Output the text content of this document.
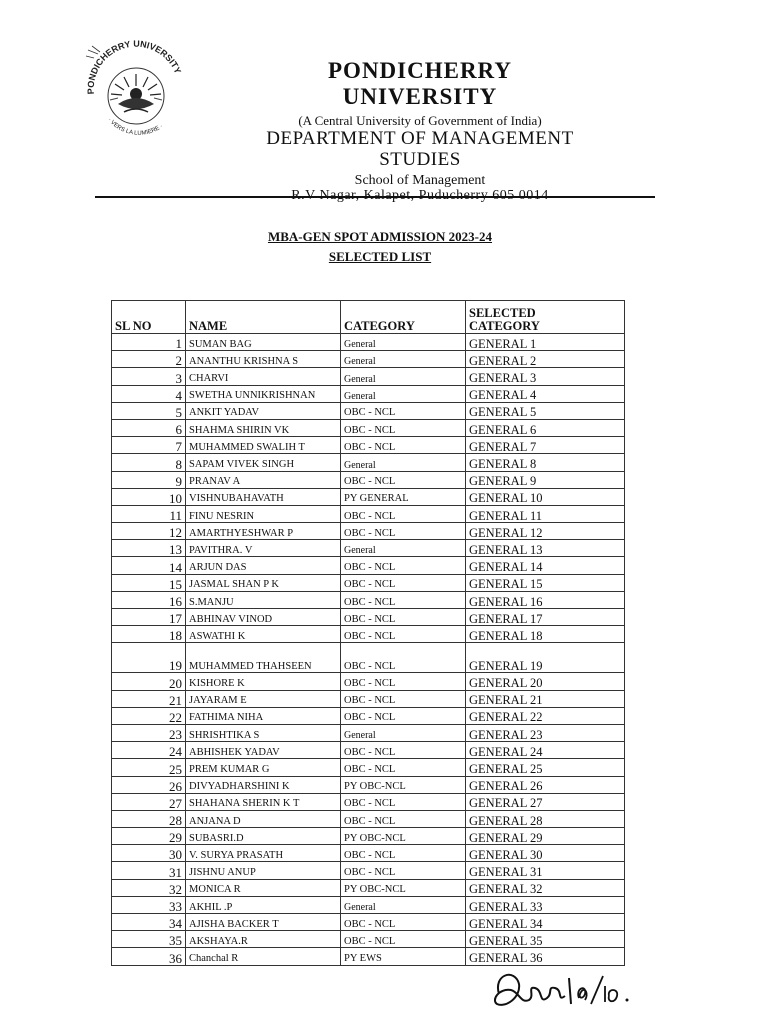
PONDICHERRY UNIVERSITY
· VERS LA LUMIERE ·
PONDICHERRY
UNIVERSITY
(A Central University of Government of India)
DEPARTMENT OF MANAGEMENT
STUDIES
School of Management
R.V Nagar, Kalapet, Puducherry 605 0014
MBA-GEN SPOT ADMISSION 2023-24
SELECTED LIST
SL NO	NAME	CATEGORY	SELECTED
CATEGORY

1	SUMAN BAG	General	GENERAL 1
2	ANANTHU KRISHNA S	General	GENERAL 2
3	CHARVI	General	GENERAL 3
4	SWETHA UNNIKRISHNAN	General	GENERAL 4
5	ANKIT YADAV	OBC - NCL	GENERAL 5
6	SHAHMA SHIRIN VK	OBC - NCL	GENERAL 6
7	MUHAMMED SWALIH T	OBC - NCL	GENERAL 7
8	SAPAM VIVEK SINGH	General	GENERAL 8
9	PRANAV A	OBC - NCL	GENERAL 9
10	VISHNUBAHAVATH	PY GENERAL	GENERAL 10
11	FINU NESRIN	OBC - NCL	GENERAL 11
12	AMARTHYESHWAR P	OBC - NCL	GENERAL 12
13	PAVITHRA. V	General	GENERAL 13
14	ARJUN DAS	OBC - NCL	GENERAL 14
15	JASMAL SHAN P K	OBC - NCL	GENERAL 15
16	S.MANJU	OBC - NCL	GENERAL 16
17	ABHINAV VINOD	OBC - NCL	GENERAL 17
18	ASWATHI K	OBC - NCL	GENERAL 18
19	MUHAMMED THAHSEEN	OBC - NCL	GENERAL 19
20	KISHORE K	OBC - NCL	GENERAL 20
21	JAYARAM E	OBC - NCL	GENERAL 21
22	FATHIMA NIHA	OBC - NCL	GENERAL 22
23	SHRISHTIKA S	General	GENERAL 23
24	ABHISHEK YADAV	OBC - NCL	GENERAL 24
25	PREM KUMAR G	OBC - NCL	GENERAL 25
26	DIVYADHARSHINI K	PY OBC-NCL	GENERAL 26
27	SHAHANA SHERIN K T	OBC - NCL	GENERAL 27
28	ANJANA D	OBC - NCL	GENERAL 28
29	SUBASRI.D	PY OBC-NCL	GENERAL 29
30	V. SURYA PRASATH	OBC - NCL	GENERAL 30
31	JISHNU ANUP	OBC - NCL	GENERAL 31
32	MONICA R	PY OBC-NCL	GENERAL 32
33	AKHIL .P	General	GENERAL 33
34	AJISHA BACKER T	OBC - NCL	GENERAL 34
35	AKSHAYA.R	OBC - NCL	GENERAL 35
36	Chanchal R	PY EWS	GENERAL 36
